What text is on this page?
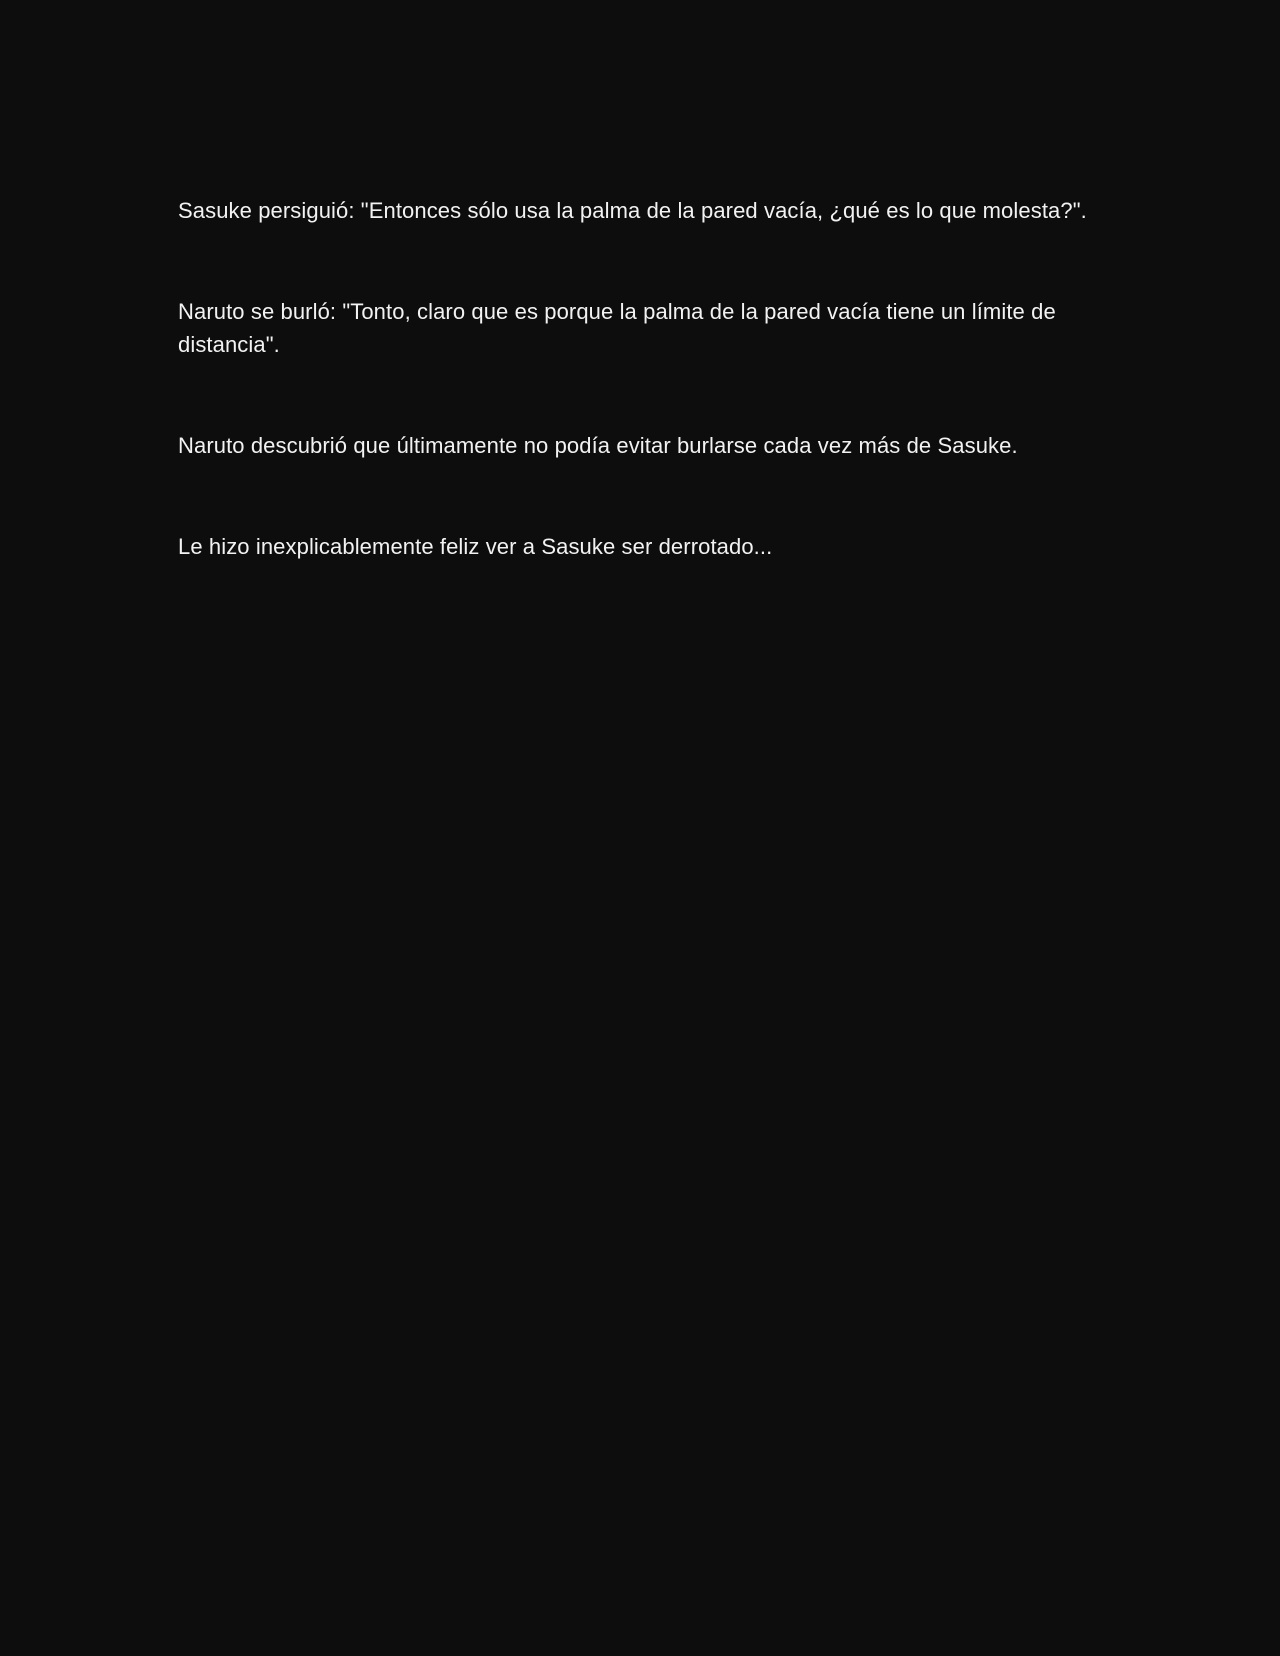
Sasuke persiguió: "Entonces sólo usa la palma de la pared vacía, ¿qué es lo que molesta?".

Naruto se burló: "Tonto, claro que es porque la palma de la pared vacía tiene un límite de distancia".

Naruto descubrió que últimamente no podía evitar burlarse cada vez más de Sasuke.

Le hizo inexplicablemente feliz ver a Sasuke ser derrotado...
